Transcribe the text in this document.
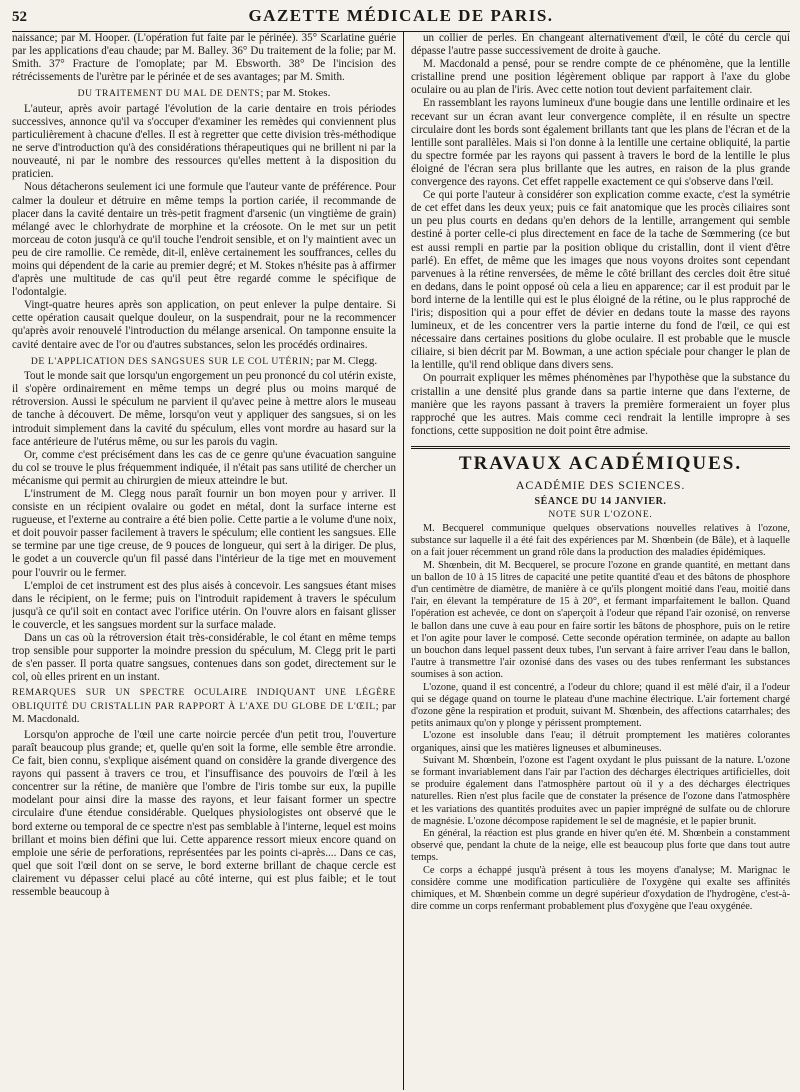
52	GAZETTE MÉDICALE DE PARIS.

naissance; par M. Hooper. (L'opération fut faite par le périnée). 35° Scarlatine guérie par les applications d'eau chaude; par M. Balley. 36° Du traitement de la folie; par M. Smith. 37° Fracture de l'omoplate; par M. Ebsworth. 38° De l'incision des rétrécissements de l'urètre par le périnée et de ses avantages; par M. Smith.

DU TRAITEMENT DU MAL DE DENTS; par M. Stokes.

L'auteur, après avoir partagé l'évolution de la carie dentaire en trois périodes successives, annonce qu'il va s'occuper d'examiner les remèdes qui conviennent plus particulièrement à chacune d'elles. Il est à regretter que cette division très-méthodique ne serve d'introduction qu'à des considérations thérapeutiques qui ne brillent ni par la nouveauté, ni par le nombre des ressources qu'elles mettent à la disposition du praticien.

Nous détacherons seulement ici une formule que l'auteur vante de préférence. Pour calmer la douleur et détruire en même temps la portion cariée, il recommande de placer dans la cavité dentaire un très-petit fragment d'arsenic (un vingtième de grain) mélangé avec le chlorhydrate de morphine et la créosote. On le met sur un petit morceau de coton jusqu'à ce qu'il touche l'endroit sensible, et on l'y maintient avec un peu de cire ramollie. Ce remède, dit-il, enlève certainement les souffrances, celles du moins qui dépendent de la carie au premier degré; et M. Stokes n'hésite pas à affirmer d'après une multitude de cas qu'il peut être regardé comme le spécifique de l'odontalgie.

Vingt-quatre heures après son application, on peut enlever la pulpe dentaire. Si cette opération causait quelque douleur, on la suspendrait, pour ne la recommencer qu'après avoir renouvelé l'introduction du mélange arsenical. On tamponne ensuite la cavité dentaire avec de l'or ou d'autres substances, selon les procédés ordinaires.

DE L'APPLICATION DES SANGSUES SUR LE COL UTÉRIN; par M. Clegg.

Tout le monde sait que lorsqu'un engorgement un peu prononcé du col utérin existe, il s'opère ordinairement en même temps un degré plus ou moins marqué de rétroversion. Aussi le spéculum ne parvient il qu'avec peine à mettre alors le museau de tanche à découvert. De même, lorsqu'on veut y appliquer des sangsues, si on les introduit simplement dans la cavité du spéculum, elles vont mordre au hasard sur la face antérieure de l'utérus même, ou sur les parois du vagin.

Or, comme c'est précisément dans les cas de ce genre qu'une évacuation sanguine du col se trouve le plus fréquemment indiquée, il n'était pas sans utilité de chercher un mécanisme qui permit au chirurgien de mieux atteindre le but.

L'instrument de M. Clegg nous paraît fournir un bon moyen pour y arriver. Il consiste en un récipient ovalaire ou godet en métal, dont la surface interne est rugueuse, et l'externe au contraire a été bien polie. Cette partie a le volume d'une noix, et doit pouvoir passer facilement à travers le spéculum; elle contient les sangsues. Elle se termine par une tige creuse, de 9 pouces de longueur, qui sert à la diriger. De plus, le godet a un couvercle qu'un fil passé dans l'intérieur de la tige met en mouvement pour l'ouvrir ou le fermer.

L'emploi de cet instrument est des plus aisés à concevoir. Les sangsues étant mises dans le récipient, on le ferme; puis on l'introduit rapidement à travers le spéculum jusqu'à ce qu'il soit en contact avec l'orifice utérin. On l'ouvre alors en faisant glisser le couvercle, et les sangsues mordent sur la surface malade.

Dans un cas où la rétroversion était très-considérable, le col étant en même temps trop sensible pour supporter la moindre pression du spéculum, M. Clegg prit le parti de s'en passer. Il porta quatre sangsues, contenues dans son godet, directement sur le col, où elles prirent en un instant.

REMARQUES SUR UN SPECTRE OCULAIRE INDIQUANT UNE LÉGÈRE OBLIQUITÉ DU CRISTALLIN PAR RAPPORT À L'AXE DU GLOBE DE L'ŒIL; par M. Macdonald.

Lorsqu'on approche de l'œil une carte noircie percée d'un petit trou, l'ouverture paraît beaucoup plus grande; et, quelle qu'en soit la forme, elle semble être arrondie. Ce fait, bien connu, s'explique aisément quand on considère la grande divergence des rayons qui passent à travers ce trou, et l'insuffisance des pouvoirs de l'œil à les concentrer sur la rétine, de manière que l'ombre de l'iris tombe sur eux, la pupille modelant pour ainsi dire la masse des rayons, et leur faisant former un spectre circulaire d'une étendue considérable. Quelques physiologistes ont observé que le bord externe ou temporal de ce spectre n'est pas semblable à l'interne, lequel est moins brillant et moins bien défini que lui. Cette apparence ressort mieux encore quand on emploie une série de perforations, représentées par les points ci-après.... Dans ce cas, quel que soit l'œil dont on se serve, le bord externe brillant de chaque cercle est clairement vu dépasser celui placé au côté interne, qui est plus faible; et le tout ressemble beaucoup à

un collier de perles. En changeant alternativement d'œil, le côté du cercle qui dépasse l'autre passe successivement de droite à gauche.

M. Macdonald a pensé, pour se rendre compte de ce phénomène, que la lentille cristalline prend une position légèrement oblique par rapport à l'axe du globe oculaire ou au plan de l'iris. Avec cette notion tout devient parfaitement clair.

En rassemblant les rayons lumineux d'une bougie dans une lentille ordinaire et les recevant sur un écran avant leur convergence complète, il en résulte un spectre circulaire dont les bords sont également brillants tant que les plans de l'écran et de la lentille sont parallèles. Mais si l'on donne à la lentille une certaine obliquité, la partie du spectre formée par les rayons qui passent à travers le bord de la lentille le plus éloigné de l'écran sera plus brillante que les autres, en raison de la plus grande convergence des rayons. Cet effet rappelle exactement ce qui s'observe dans l'œil.

Ce qui porte l'auteur à considérer son explication comme exacte, c'est la symétrie de cet effet dans les deux yeux; puis ce fait anatomique que les procès ciliaires sont un peu plus courts en dedans qu'en dehors de la lentille, arrangement qui semble destiné à porter celle-ci plus directement en face de la tache de Sœmmering (ce but est aussi rempli en partie par la position oblique du cristallin, dont il vient d'être parlé). En effet, de même que les images que nous voyons droites sont cependant parvenues à la rétine renversées, de même le côté brillant des cercles doit être situé en dedans, dans le point opposé où cela a lieu en apparence; car il est produit par le bord interne de la lentille qui est le plus éloigné de la rétine, ou le plus rapproché de l'iris; disposition qui a pour effet de dévier en dedans toute la masse des rayons lumineux, et de les concentrer vers la partie interne du fond de l'œil, ce qui est nécessaire dans certaines positions du globe oculaire. Il est probable que le muscle ciliaire, si bien décrit par M. Bowman, a une action spéciale pour changer le plan de la lentille, qu'il rend oblique dans divers sens.

On pourrait expliquer les mêmes phénomènes par l'hypothèse que la substance du cristallin a une densité plus grande dans sa partie interne que dans l'externe, de manière que les rayons passant à travers la première formeraient un foyer plus rapproché que les autres. Mais comme ceci rendrait la lentille impropre à ses fonctions, cette supposition ne doit point être admise.

TRAVAUX ACADÉMIQUES.
ACADÉMIE DES SCIENCES.
SÉANCE DU 14 JANVIER.
NOTE SUR L'OZONE.

M. Becquerel communique quelques observations nouvelles relatives à l'ozone, substance sur laquelle il a été fait des expériences par M. Shœnbein (de Bâle), et à laquelle on a fait jouer récemment un grand rôle dans la production des maladies épidémiques.

M. Shœnbein, dit M. Becquerel, se procure l'ozone en grande quantité, en mettant dans un ballon de 10 à 15 litres de capacité une petite quantité d'eau et des bâtons de phosphore d'un centimètre de diamètre, de manière à ce qu'ils plongent moitié dans l'eau, moitié dans l'air, en élevant la température de 15 à 20°, et fermant imparfaitement le ballon. Quand l'opération est achevée, ce dont on s'aperçoit à l'odeur que répand l'air ozonisé, on renverse le ballon dans une cuve à eau pour en faire sortir les bâtons de phosphore, puis on le retire et l'on agite pour laver le composé. Cette seconde opération terminée, on adapte au ballon un bouchon dans lequel passent deux tubes, l'un servant à faire arriver l'eau dans le ballon, l'autre à transmettre l'air ozonisé dans des vases ou des tubes renfermant les substances soumises à son action.

L'ozone, quand il est concentré, a l'odeur du chlore; quand il est mêlé d'air, il a l'odeur qui se dégage quand on tourne le plateau d'une machine électrique. L'air fortement chargé d'ozone gêne la respiration et produit, suivant M. Shœnbein, des affections catarrhales; des petits animaux qu'on y plonge y périssent promptement.

L'ozone est insoluble dans l'eau; il détruit promptement les matières colorantes organiques, ainsi que les matières ligneuses et albumineuses.

Suivant M. Shœnbein, l'ozone est l'agent oxydant le plus puissant de la nature. L'ozone se formant invariablement dans l'air par l'action des décharges électriques artificielles, doit se produire également dans l'atmosphère partout où il y a des décharges électriques naturelles. Rien n'est plus facile que de constater la présence de l'ozone dans l'atmosphère et les variations des quantités produites avec un papier imprégné de sulfate ou de chlorure de magnésie. L'ozone décompose rapidement le sel de magnésie, et le papier brunit.

En général, la réaction est plus grande en hiver qu'en été. M. Shœnbein a constamment observé que, pendant la chute de la neige, elle est beaucoup plus forte que dans tout autre temps.

Ce corps a échappé jusqu'à présent à tous les moyens d'analyse; M. Marignac le considère comme une modification particulière de l'oxygène qui exalte ses affinités chimiques, et M. Shœnbein comme un degré supérieur d'oxydation de l'hydrogène, c'est-à-dire comme un corps renfermant probablement plus d'oxygène que l'eau oxygénée.
